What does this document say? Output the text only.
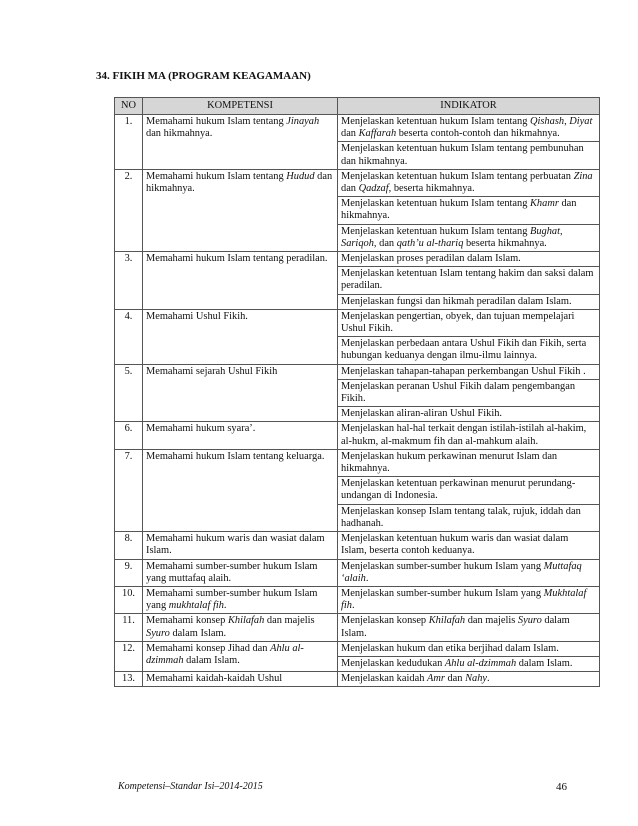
34. FIKIH MA (PROGRAM KEAGAMAAN)
NO	KOMPETENSI	INDIKATOR
1.	Memahami hukum Islam tentang Jinayah dan hikmahnya.	Menjelaskan ketentuan hukum Islam tentang Qishash, Diyat dan Kaffarah beserta contoh-contoh dan hikmahnya.
		Menjelaskan ketentuan hukum Islam tentang pembunuhan dan hikmahnya.
2.	Memahami hukum Islam tentang Hudud dan hikmahnya.	Menjelaskan ketentuan hukum Islam tentang perbuatan Zina dan Qadzaf, beserta hikmahnya.
		Menjelaskan ketentuan hukum Islam tentang Khamr dan hikmahnya.
		Menjelaskan ketentuan hukum Islam tentang Bughat, Sariqoh, dan qath’u al-thariq beserta hikmahnya.
3.	Memahami hukum Islam tentang peradilan.	Menjelaskan proses peradilan dalam Islam.
		Menjelaskan ketentuan Islam tentang hakim dan saksi dalam peradilan.
		Menjelaskan fungsi dan hikmah peradilan dalam Islam.
4.	Memahami Ushul Fikih.	Menjelaskan pengertian, obyek, dan tujuan mempelajari Ushul Fikih.
		Menjelaskan perbedaan antara Ushul Fikih dan Fikih, serta hubungan keduanya dengan ilmu-ilmu lainnya.
5.	Memahami sejarah Ushul Fikih	Menjelaskan tahapan-tahapan perkembangan Ushul Fikih .
		Menjelaskan peranan Ushul Fikih dalam pengembangan Fikih.
		Menjelaskan aliran-aliran Ushul Fikih.
6.	Memahami hukum syara’.	Menjelaskan hal-hal terkait dengan istilah-istilah al-hakim, al-hukm, al-makmum fih dan al-mahkum alaih.
7.	Memahami hukum Islam tentang keluarga.	Menjelaskan hukum perkawinan menurut Islam dan hikmahnya.
		Menjelaskan ketentuan perkawinan menurut perundang-undangan di Indonesia.
		Menjelaskan konsep Islam tentang talak, rujuk, iddah dan hadhanah.
8.	Memahami hukum waris dan wasiat dalam Islam.	Menjelaskan ketentuan hukum waris dan wasiat dalam Islam, beserta contoh keduanya.
9.	Memahami sumber-sumber hukum Islam yang muttafaq alaih.	Menjelaskan sumber-sumber hukum Islam yang Muttafaq ‘alaih.
10.	Memahami sumber-sumber hukum Islam yang mukhtalaf fih.	Menjelaskan sumber-sumber hukum Islam yang Mukhtalaf fih.
11.	Memahami konsep Khilafah dan majelis Syuro dalam Islam.	Menjelaskan konsep Khilafah dan majelis Syuro dalam Islam.
12.	Memahami konsep Jihad dan Ahlu al-dzimmah dalam Islam.	Menjelaskan hukum dan etika berjihad dalam Islam.
		Menjelaskan kedudukan Ahlu al-dzimmah dalam Islam.
13.	Memahami kaidah-kaidah Ushul	Menjelaskan kaidah Amr dan Nahy.
Kompetensi–Standar Isi–2014-2015	46
